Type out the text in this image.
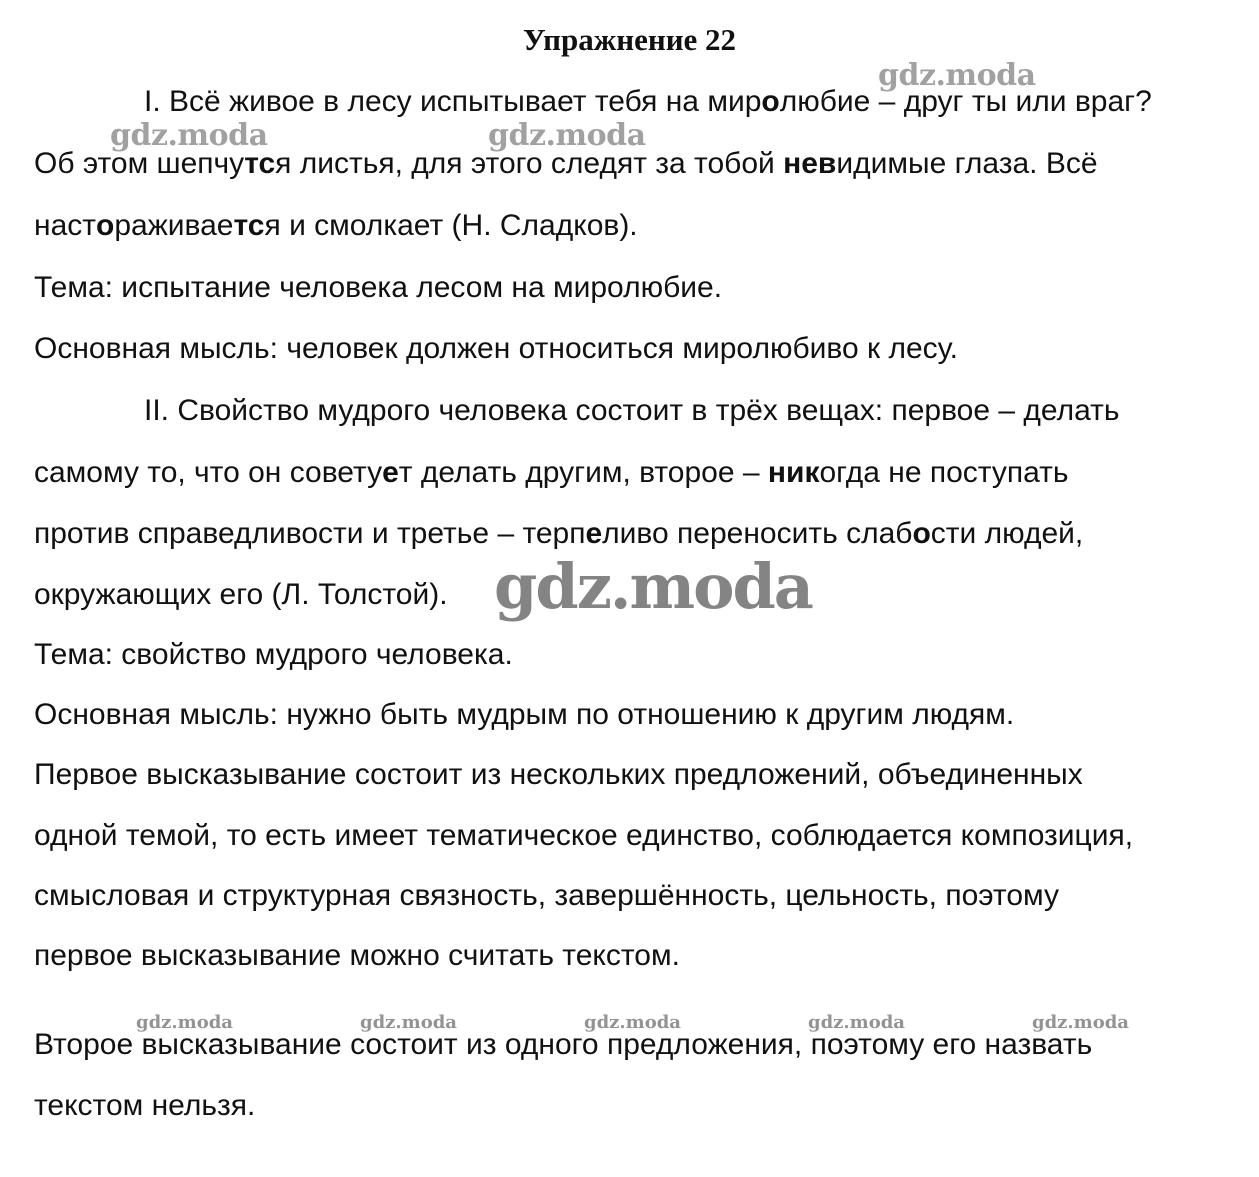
Упражнение 22
I. Всё живое в лесу испытывает тебя на миролюбие – друг ты или враг?
Об этом шепчутся листья, для этого следят за тобой невидимые глаза. Всё
настораживается и смолкает (Н. Сладков).
Тема: испытание человека лесом на миролюбие.
Основная мысль: человек должен относиться миролюбиво к лесу.
II. Свойство мудрого человека состоит в трёх вещах: первое – делать
самому то, что он советует делать другим, второе – никогда не поступать
против справедливости и третье – терпеливо переносить слабости людей,
окружающих его (Л. Толстой).
Тема: свойство мудрого человека.
Основная мысль: нужно быть мудрым по отношению к другим людям.
Первое высказывание состоит из нескольких предложений, объединенных
одной темой, то есть имеет тематическое единство, соблюдается композиция,
смысловая и структурная связность, завершённость, цельность, поэтому
первое высказывание можно считать текстом.
Второе высказывание состоит из одного предложения, поэтому его назвать
текстом нельзя.
gdz.moda
gdz.moda	gdz.moda
gdz.moda
gdz.moda	gdz.moda	gdz.moda	gdz.moda	gdz.moda
